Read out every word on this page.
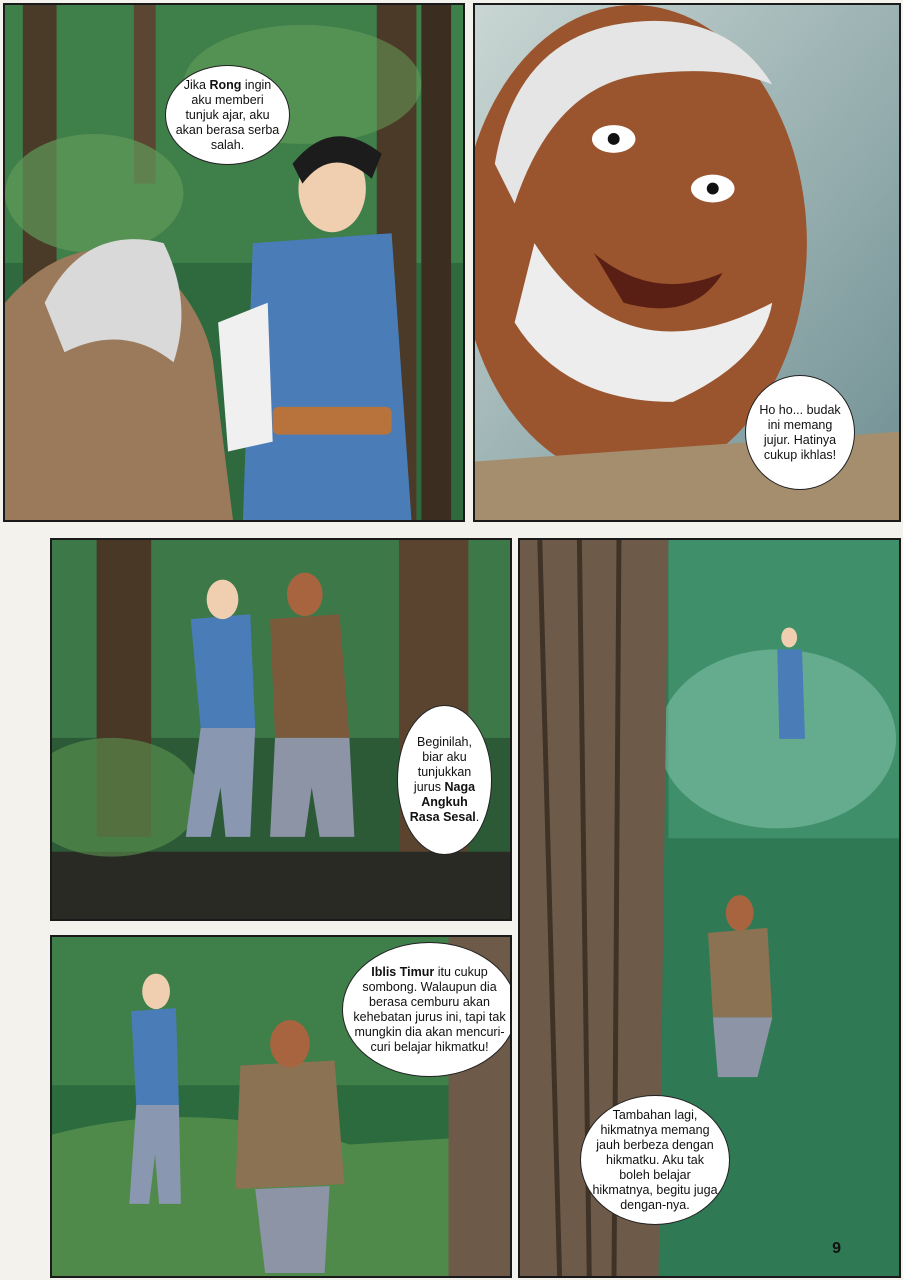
Jika Rong ingin aku memberi tunjuk ajar, aku akan berasa serba salah.
Ho ho... budak ini memang jujur. Hatinya cukup ikhlas!
Beginilah, biar aku tunjukkan jurus Naga Angkuh Rasa Sesal.
Tambahan lagi, hikmatnya memang jauh berbeza dengan hikmatku. Aku tak boleh belajar hikmatnya, begitu juga dengan-nya.
Iblis Timur itu cukup sombong. Walaupun dia berasa cemburu akan kehebatan jurus ini, tapi tak mungkin dia akan mencuri-curi belajar hikmatku!
9
